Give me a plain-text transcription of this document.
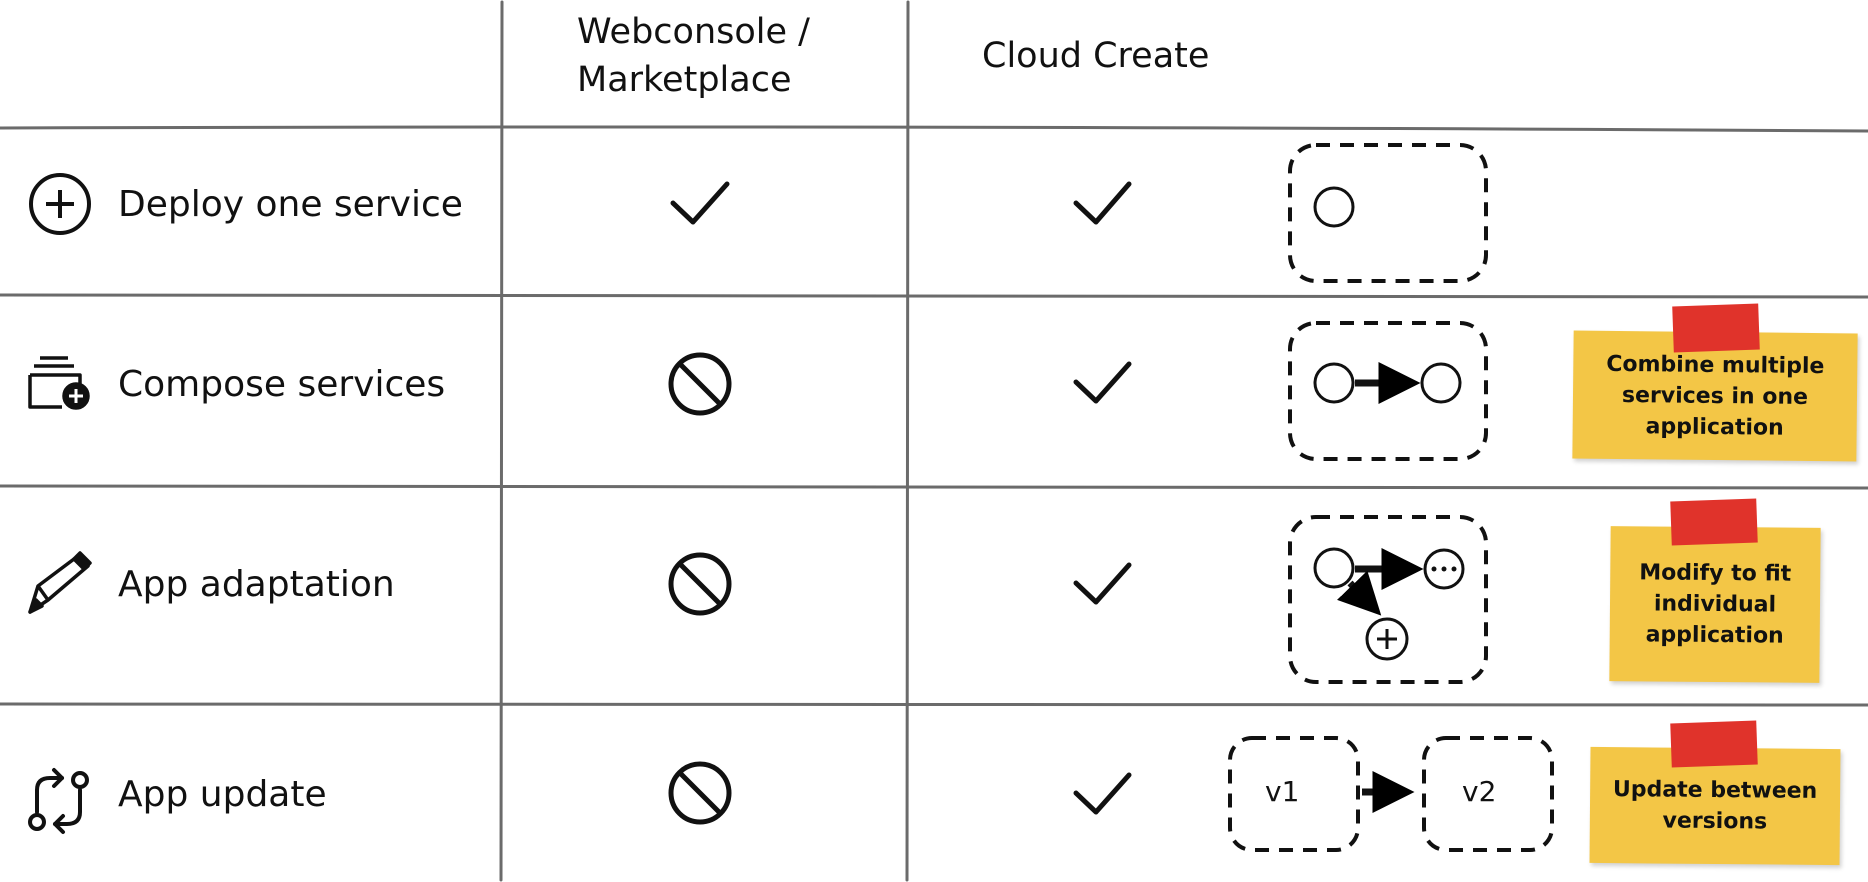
Webconsole /
Marketplace
Cloud Create
Deploy one service
Compose services
App adaptation
App update	v1	v2
Combine multiple
services in one
application
Modify to fit
individual
application
Update between
versions
